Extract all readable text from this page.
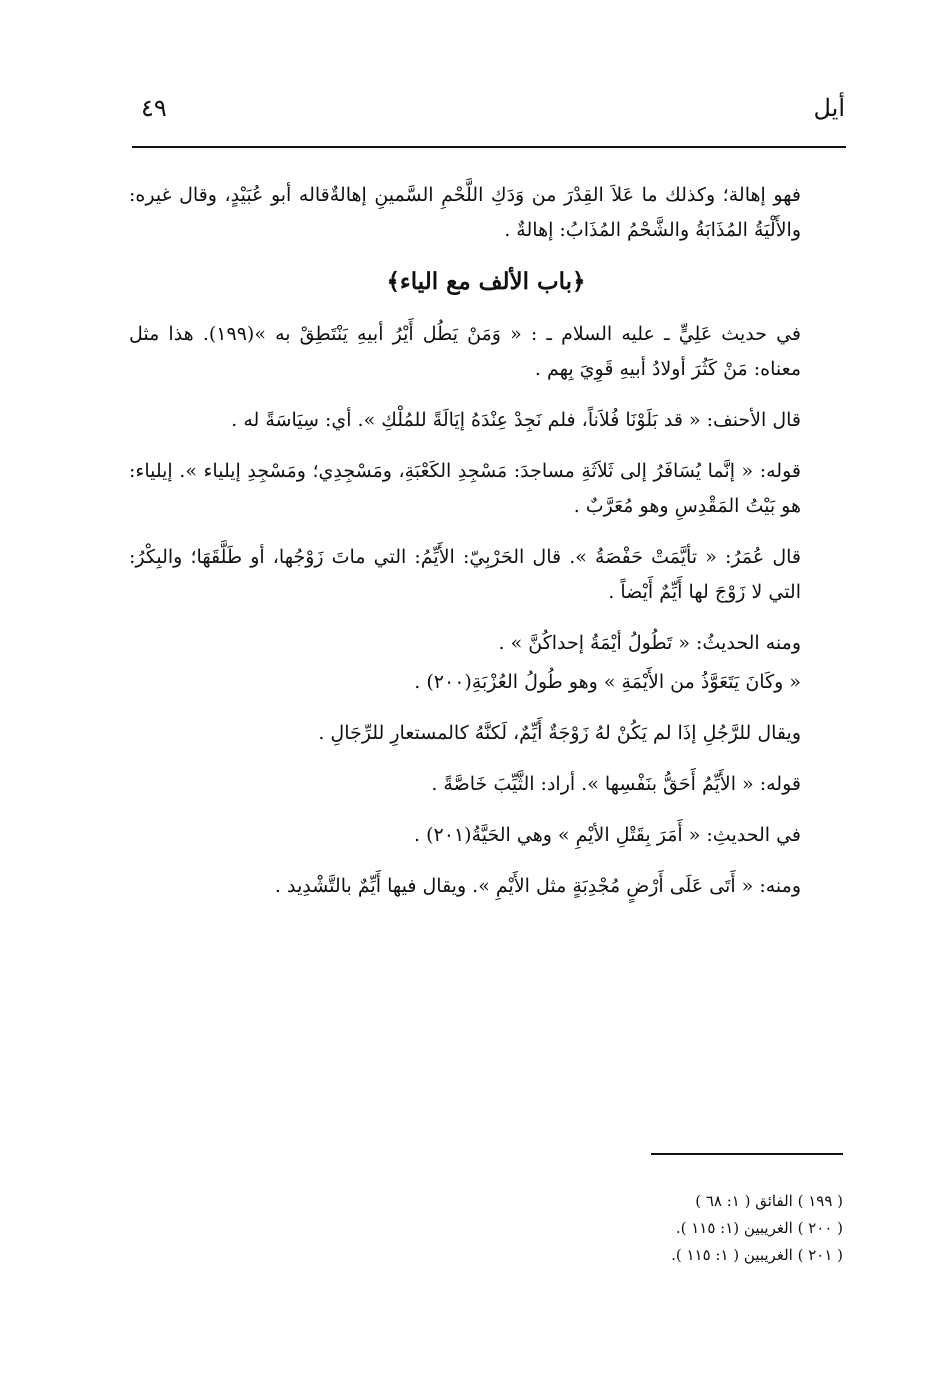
أيل
٤٩

فهو إهالة؛ وكذلك ما عَلاَ القِدْرَ من وَدَكِ اللَّحْمِ السَّمينِ إهالةٌقاله أبو عُبَيْدٍ، وقال غيره: والأَلْيَةُ المُذَابَةُ والشَّحْمُ المُذَابُ: إهالةٌ .

﴿باب الألف مع الياء﴾

في حديث عَلِيٍّ ـ عليه السلام ـ : « وَمَنْ يَطُل أَيْرُ أبيهِ يَنْتَطِقْ به »(١٩٩). هذا مثل معناه: مَنْ كَثُرَ أولادُ أبيهِ قَوِيَ بِهم .

قال الأحنف: « قد بَلَوْنَا فُلاَناً، فلم نَجِدْ عِنْدَهُ إيَالَةً للمُلْكِ ». أي: سِيَاسَةً له .

قوله: « إنَّما يُسَافَرُ إلى ثَلاَثَةِ مساجدَ: مَسْجِدِ الكَعْبَةِ، ومَسْجِدِي؛ ومَسْجِدِ إيلياء ». إيلياء: هو بَيْتُ المَقْدِسِ وهو مُعَرَّبٌ .

قال عُمَرُ: « تأيَّمَتْ حَفْصَةُ ». قال الحَرْبِيّ: الأَيِّمُ: التي ماتَ زَوْجُها، أو طَلَّقَهَا؛ والبِكْرُ: التي لا زَوْجَ لها أَيِّمٌ أَيْضاً .

ومنه الحديثُ: « تَطُولُ أيْمَةُ إحداكُنَّ » .

« وكَانَ يَتَعَوَّذُ من الأَيْمَةِ » وهو طُولُ العُزْبَةِ(٢٠٠) .

ويقال للرَّجُلِ إذَا لم يَكُنْ لهُ زَوْجَةٌ أَيِّمٌ، لَكنَّهُ كالمستعارِ للرِّجَالِ .

قوله: « الأَيِّمُ أَحَقُّ بنَفْسِها ». أراد: الثَّيِّبَ خَاصَّةً .

في الحديثِ: « أَمَرَ بِقَتْلِ الأيْمِ » وهي الحَيَّةُ(٢٠١) .

ومنه: « أَتَى عَلَى أَرْضٍ مُجْدِبَةٍ مثل الأَيْمِ ». ويقال فيها أَيِّمٌ بالتَّشْدِيد .

( ١٩٩ ) الفائق ( ١: ٦٨ )
( ٢٠٠ ) الغريبين (١: ١١٥ ).
( ٢٠١ ) الغريبين ( ١: ١١٥ ).
